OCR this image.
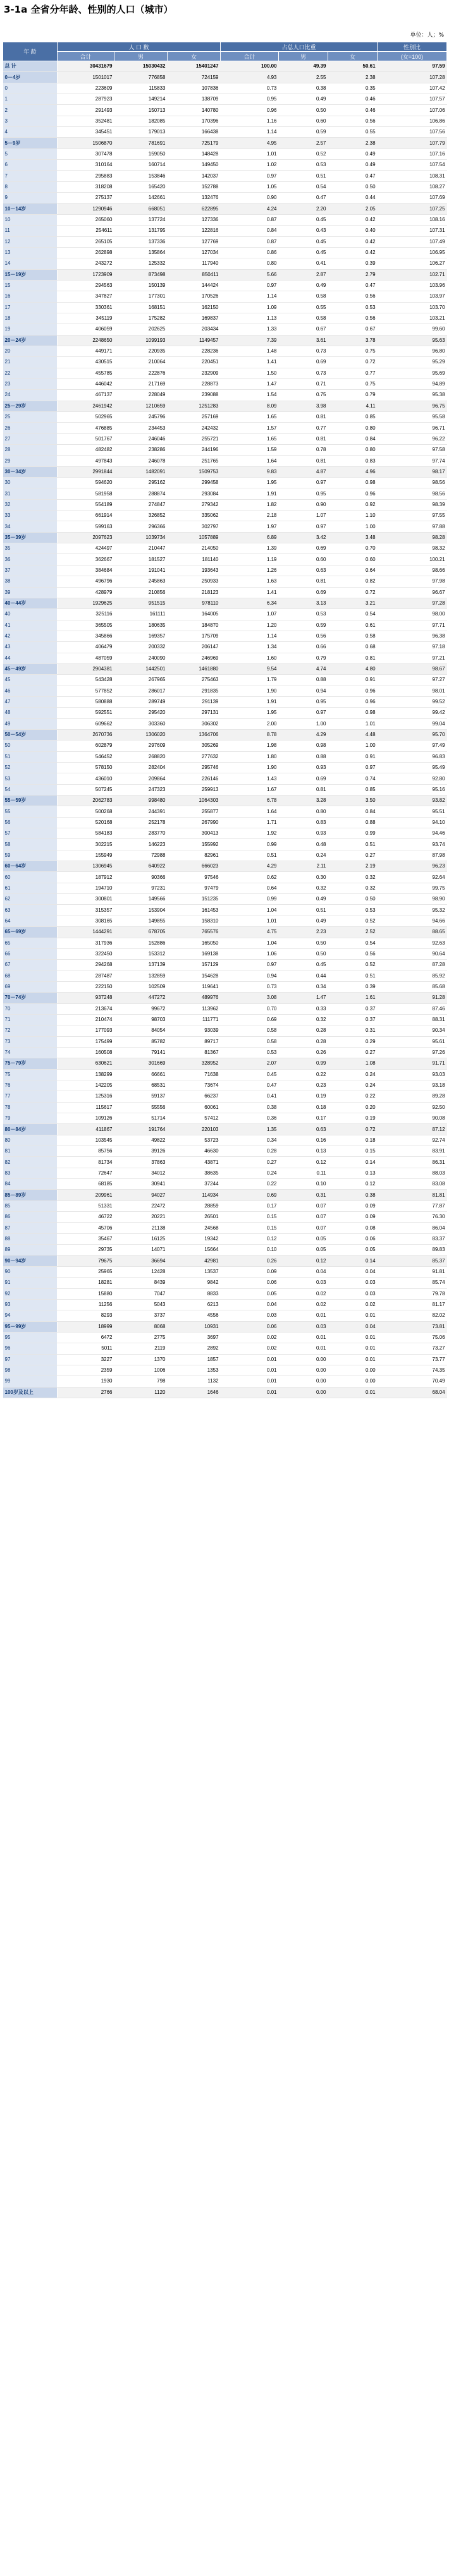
3-1a 全省分年龄、性别的人口（城市）
单位：人；%
年 龄	人 口 数			占总人口比重			性别比
	合计	男	女	合计	男	女	(女=100)
总 计	30431679	15030432	15401247	100.00	49.39	50.61	97.59
0－4岁	1501017	776858	724159	4.93	2.55	2.38	107.28
0	223609	115833	107836	0.73	0.38	0.35	107.42
1	287923	149214	138709	0.95	0.49	0.46	107.57
2	291493	150713	140780	0.96	0.50	0.46	107.06
3	352481	182085	170396	1.16	0.60	0.56	106.86
4	345451	179013	166438	1.14	0.59	0.55	107.56
5－9岁	1506870	781691	725179	4.95	2.57	2.38	107.79
5	307478	159050	148428	1.01	0.52	0.49	107.16
6	310164	160714	149450	1.02	0.53	0.49	107.54
7	295883	153846	142037	0.97	0.51	0.47	108.31
8	318208	165420	152788	1.05	0.54	0.50	108.27
9	275137	142661	132476	0.90	0.47	0.44	107.69
10－14岁	1290946	668051	622895	4.24	2.20	2.05	107.25
10	265060	137724	127336	0.87	0.45	0.42	108.16
11	254611	131795	122816	0.84	0.43	0.40	107.31
12	265105	137336	127769	0.87	0.45	0.42	107.49
13	262898	135864	127034	0.86	0.45	0.42	106.95
14	243272	125332	117940	0.80	0.41	0.39	106.27
15－19岁	1723909	873498	850411	5.66	2.87	2.79	102.71
15	294563	150139	144424	0.97	0.49	0.47	103.96
16	347827	177301	170526	1.14	0.58	0.56	103.97
17	330361	168151	162150	1.09	0.55	0.53	103.70
18	345119	175282	169837	1.13	0.58	0.56	103.21
19	406059	202625	203434	1.33	0.67	0.67	99.60
20－24岁	2248650	1099193	1149457	7.39	3.61	3.78	95.63
20	449171	220935	228236	1.48	0.73	0.75	96.80
21	430515	210064	220451	1.41	0.69	0.72	95.29
22	455785	222876	232909	1.50	0.73	0.77	95.69
23	446042	217169	228873	1.47	0.71	0.75	94.89
24	467137	228049	239088	1.54	0.75	0.79	95.38
25－29岁	2461942	1210659	1251283	8.09	3.98	4.11	96.75
25	502965	245796	257169	1.65	0.81	0.85	95.58
26	476885	234453	242432	1.57	0.77	0.80	96.71
27	501767	246046	255721	1.65	0.81	0.84	96.22
28	482482	238286	244196	1.59	0.78	0.80	97.58
29	497843	246078	251765	1.64	0.81	0.83	97.74
30－34岁	2991844	1482091	1509753	9.83	4.87	4.96	98.17
30	594620	295162	299458	1.95	0.97	0.98	98.56
31	581958	288874	293084	1.91	0.95	0.96	98.56
32	554189	274847	279342	1.82	0.90	0.92	98.39
33	661914	326852	335062	2.18	1.07	1.10	97.55
34	599163	296366	302797	1.97	0.97	1.00	97.88
35－39岁	2097623	1039734	1057889	6.89	3.42	3.48	98.28
35	424497	210447	214050	1.39	0.69	0.70	98.32
36	362667	181527	181140	1.19	0.60	0.60	100.21
37	384684	191041	193643	1.26	0.63	0.64	98.66
38	496796	245863	250933	1.63	0.81	0.82	97.98
39	428979	210856	218123	1.41	0.69	0.72	96.67
40－44岁	1929625	951515	978110	6.34	3.13	3.21	97.28
40	325116	161111	164005	1.07	0.53	0.54	98.00
41	365505	180635	184870	1.20	0.59	0.61	97.71
42	345866	169357	175709	1.14	0.56	0.58	96.38
43	406479	200332	206147	1.34	0.66	0.68	97.18
44	487059	240090	246969	1.60	0.79	0.81	97.21
45－49岁	2904381	1442501	1461880	9.54	4.74	4.80	98.67
45	543428	267965	275463	1.79	0.88	0.91	97.27
46	577852	286017	291835	1.90	0.94	0.96	98.01
47	580888	289749	291139	1.91	0.95	0.96	99.52
48	592551	295420	297131	1.95	0.97	0.98	99.42
49	609662	303360	306302	2.00	1.00	1.01	99.04
50－54岁	2670736	1306020	1364706	8.78	4.29	4.48	95.70
50	602879	297609	305269	1.98	0.98	1.00	97.49
51	546452	268820	277632	1.80	0.88	0.91	96.83
52	578150	282404	295746	1.90	0.93	0.97	95.49
53	436010	209864	226146	1.43	0.69	0.74	92.80
54	507245	247323	259913	1.67	0.81	0.85	95.16
55－59岁	2062783	998480	1064303	6.78	3.28	3.50	93.82
55	500268	244391	255877	1.64	0.80	0.84	95.51
56	520168	252178	267990	1.71	0.83	0.88	94.10
57	584183	283770	300413	1.92	0.93	0.99	94.46
58	302215	146223	155992	0.99	0.48	0.51	93.74
59	155949	72988	82961	0.51	0.24	0.27	87.98
60－64岁	1306945	640922	666023	4.29	2.11	2.19	96.23
60	187912	90366	97546	0.62	0.30	0.32	92.64
61	194710	97231	97479	0.64	0.32	0.32	99.75
62	300801	149566	151235	0.99	0.49	0.50	98.90
63	315357	153904	161453	1.04	0.51	0.53	95.32
64	308165	149855	158310	1.01	0.49	0.52	94.66
65－69岁	1444291	678705	765576	4.75	2.23	2.52	88.65
65	317936	152886	165050	1.04	0.50	0.54	92.63
66	322450	153312	169138	1.06	0.50	0.56	90.64
67	294268	137139	157129	0.97	0.45	0.52	87.28
68	287487	132859	154628	0.94	0.44	0.51	85.92
69	222150	102509	119641	0.73	0.34	0.39	85.68
70－74岁	937248	447272	489976	3.08	1.47	1.61	91.28
70	213674	99672	113962	0.70	0.33	0.37	87.46
71	210474	98703	111771	0.69	0.32	0.37	88.31
72	177093	84054	93039	0.58	0.28	0.31	90.34
73	175499	85782	89717	0.58	0.28	0.29	95.61
74	160508	79141	81367	0.53	0.26	0.27	97.26
75－79岁	630621	301669	328952	2.07	0.99	1.08	91.71
75	138299	66661	71638	0.45	0.22	0.24	93.03
76	142205	68531	73674	0.47	0.23	0.24	93.18
77	125316	59137	66237	0.41	0.19	0.22	89.28
78	115617	55556	60061	0.38	0.18	0.20	92.50
79	109126	51714	57412	0.36	0.17	0.19	90.08
80－84岁	411867	191764	220103	1.35	0.63	0.72	87.12
80	103545	49822	53723	0.34	0.16	0.18	92.74
81	85756	39126	46630	0.28	0.13	0.15	83.91
82	81734	37863	43871	0.27	0.12	0.14	86.31
83	72647	34012	38635	0.24	0.11	0.13	88.03
84	68185	30941	37244	0.22	0.10	0.12	83.08
85－89岁	209961	94027	114934	0.69	0.31	0.38	81.81
85	51331	22472	28859	0.17	0.07	0.09	77.87
86	46722	20221	26501	0.15	0.07	0.09	76.30
87	45706	21138	24568	0.15	0.07	0.08	86.04
88	35467	16125	19342	0.12	0.05	0.06	83.37
89	29735	14071	15664	0.10	0.05	0.05	89.83
90－94岁	79675	36694	42981	0.26	0.12	0.14	85.37
90	25965	12428	13537	0.09	0.04	0.04	91.81
91	18281	8439	9842	0.06	0.03	0.03	85.74
92	15880	7047	8833	0.05	0.02	0.03	79.78
93	11256	5043	6213	0.04	0.02	0.02	81.17
94	8293	3737	4556	0.03	0.01	0.01	82.02
95－99岁	18999	8068	10931	0.06	0.03	0.04	73.81
95	6472	2775	3697	0.02	0.01	0.01	75.06
96	5011	2119	2892	0.02	0.01	0.01	73.27
97	3227	1370	1857	0.01	0.00	0.01	73.77
98	2359	1006	1353	0.01	0.00	0.00	74.35
99	1930	798	1132	0.01	0.00	0.00	70.49
100岁及以上	2766	1120	1646	0.01	0.00	0.01	68.04
